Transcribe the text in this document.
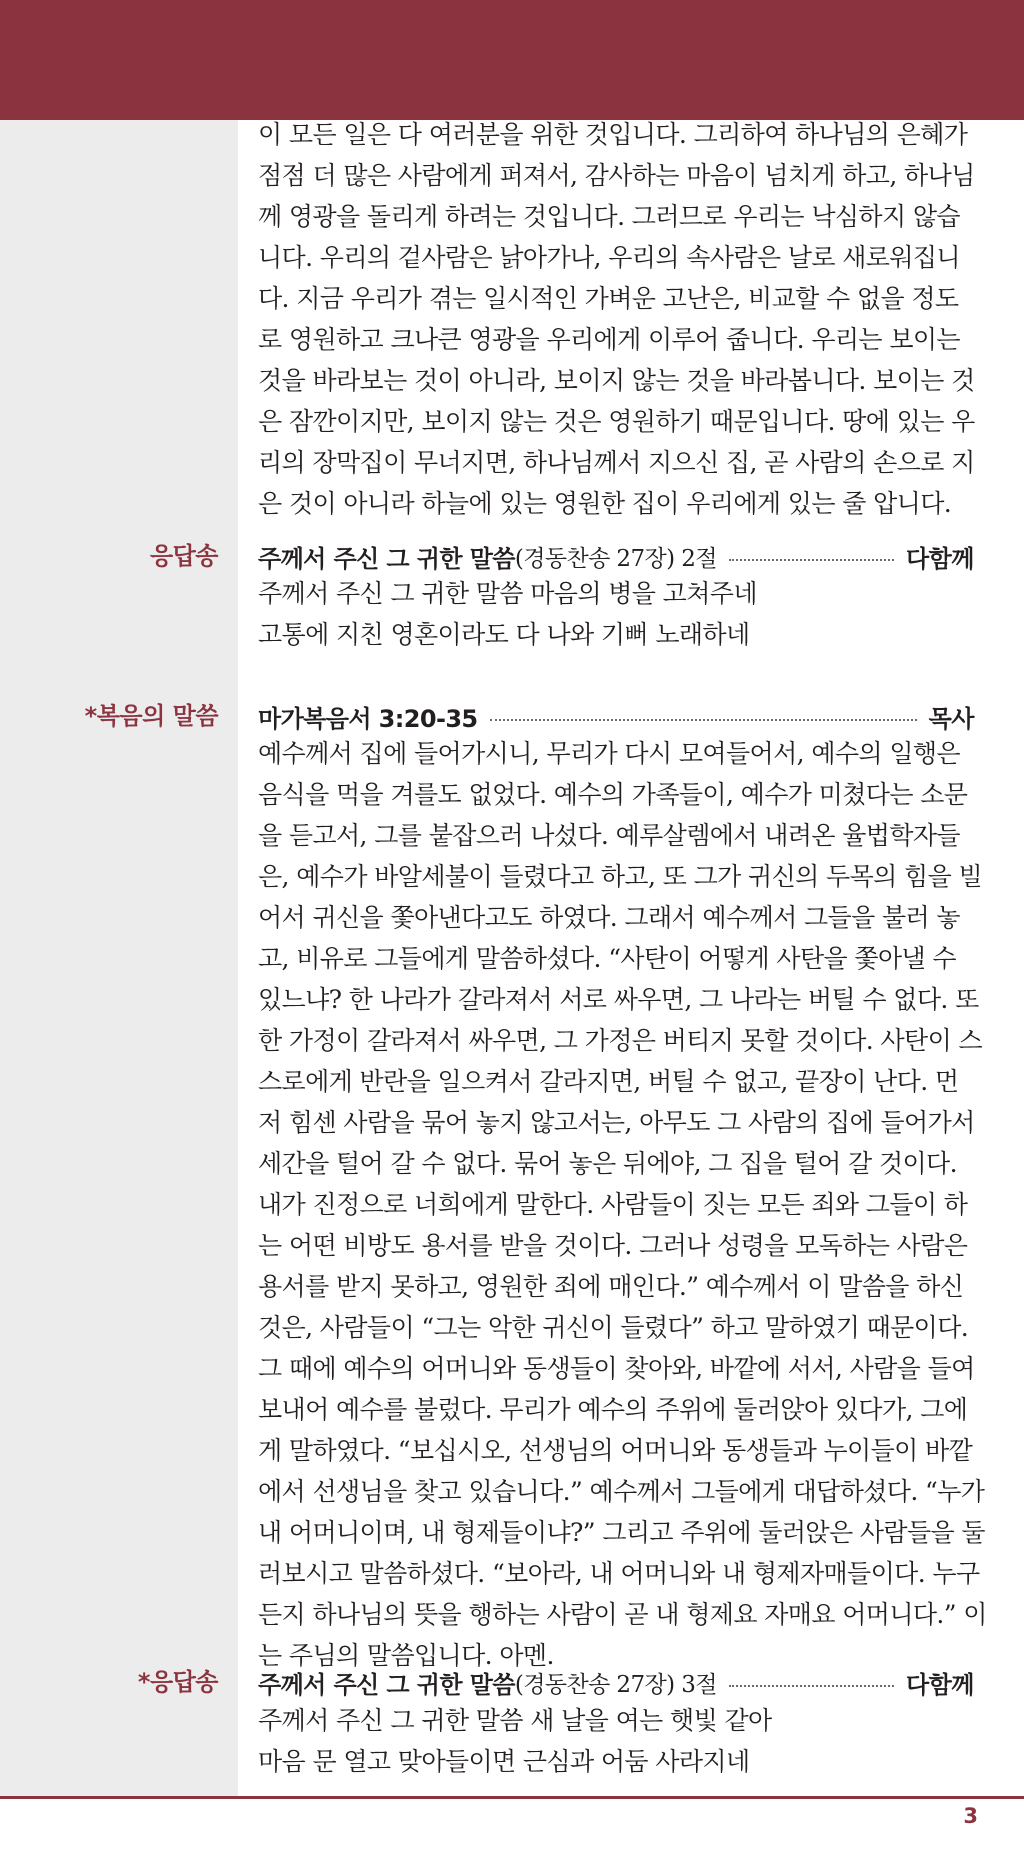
이 모든 일은 다 여러분을 위한 것입니다. 그리하여 하나님의 은혜가
점점 더 많은 사람에게 퍼져서, 감사하는 마음이 넘치게 하고, 하나님
께 영광을 돌리게 하려는 것입니다. 그러므로 우리는 낙심하지 않습
니다. 우리의 겉사람은 낡아가나, 우리의 속사람은 날로 새로워집니
다. 지금 우리가 겪는 일시적인 가벼운 고난은, 비교할 수 없을 정도
로 영원하고 크나큰 영광을 우리에게 이루어 줍니다. 우리는 보이는
것을 바라보는 것이 아니라, 보이지 않는 것을 바라봅니다. 보이는 것
은 잠깐이지만, 보이지 않는 것은 영원하기 때문입니다. 땅에 있는 우
리의 장막집이 무너지면, 하나님께서 지으신 집, 곧 사람의 손으로 지
은 것이 아니라 하늘에 있는 영원한 집이 우리에게 있는 줄 압니다.
응답송 주께서 주신 그 귀한 말씀 (경동찬송 27장) 2절	다함께
주께서 주신 그 귀한 말씀 마음의 병을 고쳐주네
고통에 지친 영혼이라도 다 나와 기뻐 노래하네
*복음의 말씀 마가복음서 3:20-35	목사
예수께서 집에 들어가시니, 무리가 다시 모여들어서, 예수의 일행은
음식을 먹을 겨를도 없었다. 예수의 가족들이, 예수가 미쳤다는 소문
을 듣고서, 그를 붙잡으러 나섰다. 예루살렘에서 내려온 율법학자들
은, 예수가 바알세불이 들렸다고 하고, 또 그가 귀신의 두목의 힘을 빌
어서 귀신을 쫓아낸다고도 하였다. 그래서 예수께서 그들을 불러 놓
고, 비유로 그들에게 말씀하셨다. “사탄이 어떻게 사탄을 쫓아낼 수
있느냐? 한 나라가 갈라져서 서로 싸우면, 그 나라는 버틸 수 없다. 또
한 가정이 갈라져서 싸우면, 그 가정은 버티지 못할 것이다. 사탄이 스
스로에게 반란을 일으켜서 갈라지면, 버틸 수 없고, 끝장이 난다. 먼
저 힘센 사람을 묶어 놓지 않고서는, 아무도 그 사람의 집에 들어가서
세간을 털어 갈 수 없다. 묶어 놓은 뒤에야, 그 집을 털어 갈 것이다.
내가 진정으로 너희에게 말한다. 사람들이 짓는 모든 죄와 그들이 하
는 어떤 비방도 용서를 받을 것이다. 그러나 성령을 모독하는 사람은
용서를 받지 못하고, 영원한 죄에 매인다.” 예수께서 이 말씀을 하신
것은, 사람들이 “그는 악한 귀신이 들렸다” 하고 말하였기 때문이다.
그 때에 예수의 어머니와 동생들이 찾아와, 바깥에 서서, 사람을 들여
보내어 예수를 불렀다. 무리가 예수의 주위에 둘러앉아 있다가, 그에
게 말하였다. “보십시오, 선생님의 어머니와 동생들과 누이들이 바깥
에서 선생님을 찾고 있습니다.” 예수께서 그들에게 대답하셨다. “누가
내 어머니이며, 내 형제들이냐?” 그리고 주위에 둘러앉은 사람들을 둘
러보시고 말씀하셨다. “보아라, 내 어머니와 내 형제자매들이다. 누구
든지 하나님의 뜻을 행하는 사람이 곧 내 형제요 자매요 어머니다.” 이
는 주님의 말씀입니다. 아멘.
*응답송 주께서 주신 그 귀한 말씀 (경동찬송 27장) 3절	다함께
주께서 주신 그 귀한 말씀 새 날을 여는 햇빛 같아
마음 문 열고 맞아들이면 근심과 어둠 사라지네
3
